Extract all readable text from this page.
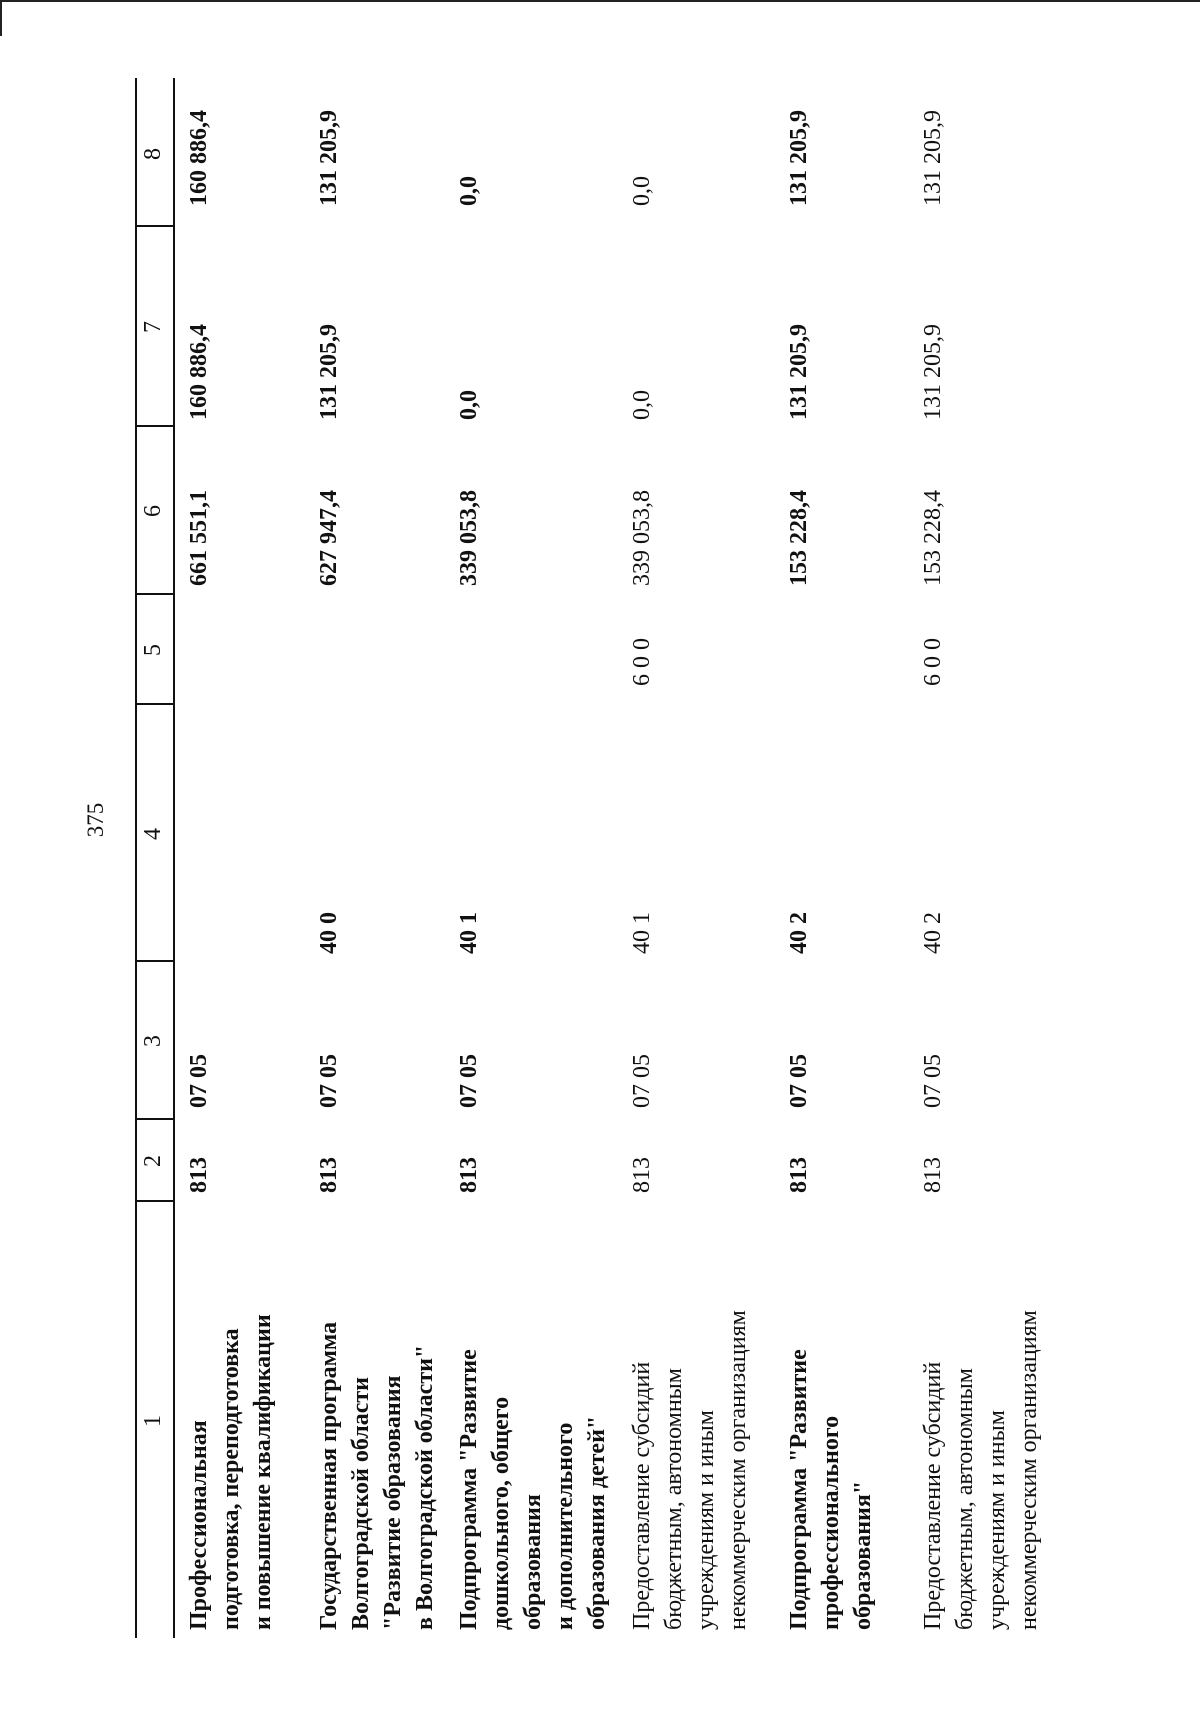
375
1
2
3
4
5
6
7
8
Профессиональная подготовка, переподготовка и повышение квалификации
813
07 05
661 551,1
160 886,4
160 886,4
Государственная программа Волгоградской области "Развитие образования в Волгоградской области"
813
07 05
40 0
627 947,4
131 205,9
131 205,9
Подпрограмма "Развитие дошкольного, общего образования и дополнительного образования детей"
813
07 05
40 1
339 053,8
0,0
0,0
Предоставление субсидий бюджетным, автономным учреждениям и иным некоммерческим организациям
813
07 05
40 1
6 0 0
339 053,8
0,0
0,0
Подпрограмма "Развитие профессионального образования"
813
07 05
40 2
153 228,4
131 205,9
131 205,9
Предоставление субсидий бюджетным, автономным учреждениям и иным некоммерческим организациям
813
07 05
40 2
6 0 0
153 228,4
131 205,9
131 205,9
